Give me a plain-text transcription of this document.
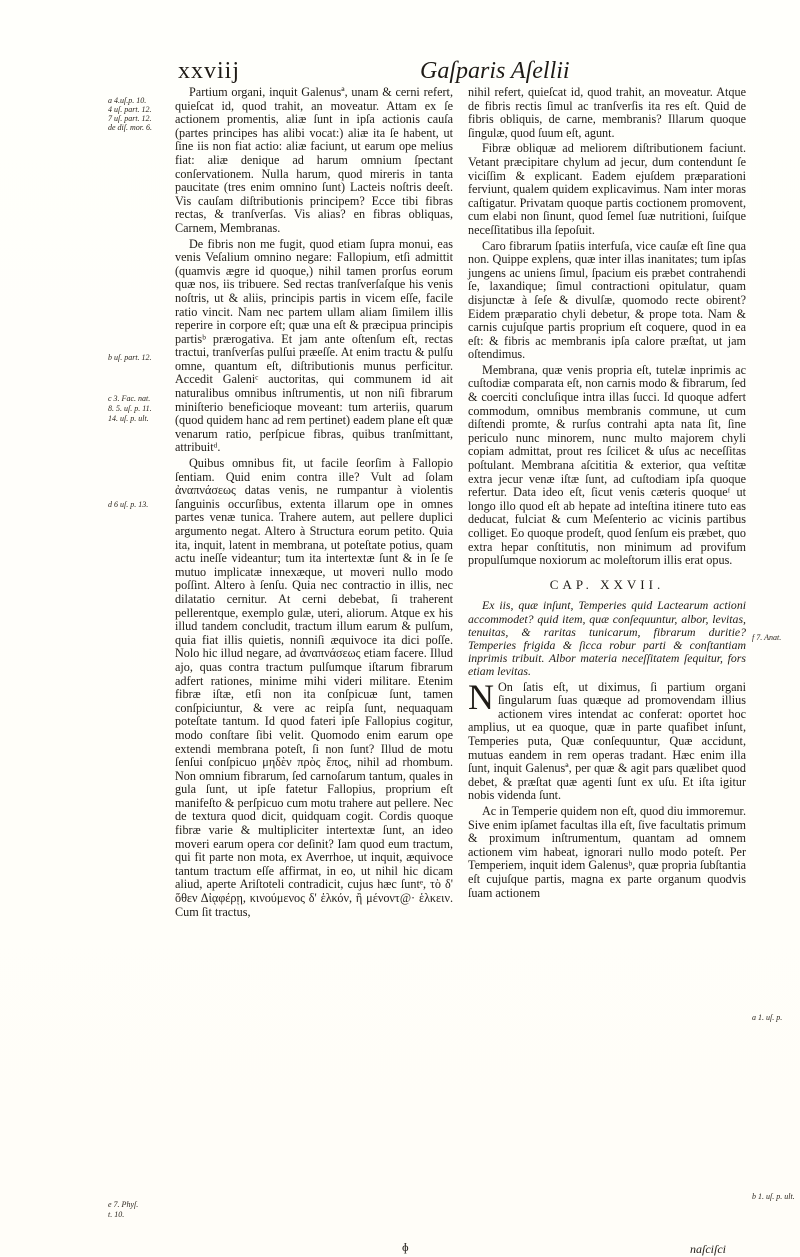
xxviij	Gaſparis Aſellii
a 4.uſ.p. 10.
4 uſ. part. 12.
7 uſ. part. 12.
de diſ. mor. 6.
b uſ. part. 12.
c 3. Fac. nat.
8. 5. uſ. p. 11.
14. uſ. p. ult.
d 6 uſ. p. 13.
e 7. Phyſ.
t. 10.
f 7. Anat.
a 1. uſ. p.
b 1. uſ. p. ult.

Partium organi, inquit Galenusª, unam & cerni refert, quieſcat id, quod trahit, an moveatur. Attam ex ſe actionem promentis, aliæ ſunt in ipſa actionis cauſa (partes principes has alibi vocat:) aliæ ita ſe habent, ut ſine iis non fiat actio: aliæ faciunt, ut earum ope melius fiat: aliæ denique ad harum omnium ſpectant conſervationem. Nulla harum, quod mireris in tanta paucitate (tres enim omnino ſunt) Lacteis noſtris deeſt. Vis cauſam diſtributionis principem? Ecce tibi fibras rectas, & tranſverſas. Vis alias? en fibras obliquas, Carnem, Membranas.

De fibris non me fugit, quod etiam ſupra monui, eas venis Veſalium omnino negare: Fallopium, etſi admittit (quamvis ægre id quoque,) nihil tamen prorſus eorum quæ nos, iis tribuere. Sed rectas tranſverſaſque his venis noſtris, ut & aliis, principis partis in vicem eſſe, facile ratio vincit. Nam nec partem ullam aliam ſimilem illis reperire in corpore eſt; quæ una eſt & præcipua principis partisᵇ prærogativa. Et jam ante oſtenſum eſt, rectas tractui, tranſverſas pulſui præeſſe. At enim tractu & pulſu omne, quantum eſt, diſtributionis munus perficitur. Accedit Galeniᶜ auctoritas, qui communem id ait naturalibus omnibus inſtrumentis, ut non niſi fibrarum miniſterio beneficioque moveant: tum arteriis, quarum (quod quidem hanc ad rem pertinet) eadem plane eſt quæ venarum ratio, perſpicue fibras, quibus tranſmittant, attribuitᵈ.

Quibus omnibus fit, ut facile ſeorſim à Fallopio ſentiam. Quid enim contra ille? Vult ad ſolam ἀναπνάσεως datas venis, ne rumpantur à violentis ſanguinis occurſibus, extenta illarum ope in omnes partes venæ tunica. Trahere autem, aut pellere duplici argumento negat. Altero à Structura eorum petito. Quia ita, inquit, latent in membrana, ut poteſtate potius, quam actu ineſſe videantur; tum ita intertextæ ſunt & in ſe ſe mutuo implicatæ innexæque, ut moveri nullo modo poſſint. Altero à ſenſu. Quia nec contractio in illis, nec dilatatio cernitur. At cerni debebat, ſi traherent pellerentque, exemplo gulæ, uteri, aliorum. Atque ex his illud tandem concludit, tractum illum earum & pulſum, quia fiat illis quietis, nonniſi æquivoce ita dici poſſe. Nolo hic illud negare, ad ἀναπνάσεως etiam facere. Illud ajo, quas contra tractum pulſumque iſtarum fibrarum adfert rationes, minime mihi videri militare. Etenim fibræ iſtæ, etſi non ita conſpicuæ ſunt, tamen conſpiciuntur, & vere ac reipſa ſunt, nequaquam poteſtate tantum. Id quod fateri ipſe Fallopius cogitur, modo conſtare ſibi velit. Quomodo enim earum ope extendi membrana poteſt, ſi non ſunt? Illud de motu ſenſui conſpicuo μηδὲν πρὸς ἔπος, nihil ad rhombum. Non omnium fibrarum, ſed carnoſarum tantum, quales in gula ſunt, ut ipſe fatetur Fallopius, proprium eſt manifeſto & perſpicuo cum motu trahere aut pellere. Nec de textura quod dicit, quidquam cogit. Cordis quoque fibræ varie & multipliciter intertextæ ſunt, an ideo moveri earum opera cor deſinit? Iam quod eum tractum, qui fit parte non mota, ex Averrhoe, ut inquit, æquivoce tantum tractum eſſe affirmat, in eo, ut nihil hic dicam aliud, aperte Ariſtoteli contradicit, cujus hæc ſuntᵉ, τὸ δ' ὅθεν Δἰᾳφέρῃ, κινούμενος δ' ἑλκόν, ἢ μένοντ@· ἑλκειν. Cum ſit tractus,

nihil refert, quieſcat id, quod trahit, an moveatur. Atque de fibris rectis ſimul ac tranſverſis ita res eſt. Quid de fibris obliquis, de carne, membranis? Illarum quoque ſingulæ, quod ſuum eſt, agunt.

Fibræ obliquæ ad meliorem diſtributionem faciunt. Vetant præcipitare chylum ad jecur, dum contendunt ſe viciſſim & explicant. Eadem ejuſdem præparationi ferviunt, qualem quidem explicavimus. Nam inter moras caſtigatur. Privatam quoque partis coctionem promovent, cum elabi non ſinunt, quod ſemel ſuæ nutritioni, ſuiſque neceſſitatibus illa ſepoſuit.

Caro fibrarum ſpatiis interfuſa, vice cauſæ eſt ſine qua non. Quippe explens, quæ inter illas inanitates; tum ipſas jungens ac uniens ſimul, ſpacium eis præbet contrahendi ſe, laxandique; ſimul contractioni opitulatur, quam disjunctæ à ſeſe & divulſæ, quomodo recte obirent? Eidem præparatio chyli debetur, & prope tota. Nam & carnis cujuſque partis proprium eſt coquere, quod in ea eſt: & fibris ac membranis ipſa calore præſtat, ut jam oſtendimus.

Membrana, quæ venis propria eſt, tutelæ inprimis ac cuſtodiæ comparata eſt, non carnis modo & fibrarum, ſed & coerciti concluſique intra illas ſucci. Id quoque adfert commodum, omnibus membranis commune, ut cum diſtendi promte, & rurſus contrahi apta nata ſit, ſine periculo nunc minorem, nunc multo majorem chyli copiam admittat, prout res ſcilicet & uſus ac neceſſitas poſtulant. Membrana aſcititia & exterior, qua veſtitæ extra jecur venæ iſtæ ſunt, ad cuſtodiam ipſa quoque refertur. Data ideo eſt, ſicut venis cæteris quoqueᶠ ut longo illo quod eſt ab hepate ad inteſtina itinere tuto eas deducat, fulciat & cum Meſenterio ac vicinis partibus colliget. Eo quoque prodeſt, quod ſenſum eis præbet, quo extra hepar conſtitutis, non minimum ad provifum propulſumque noxiorum ac moleſtorum illis erat opus.

CAP. XXVII.

Ex iis, quæ inſunt, Temperies quid Lactearum actioni accommodet? quid item, quæ conſequuntur, albor, levitas, tenuitas, & raritas tunicarum, fibrarum duritie? Temperies frigida & ſicca robur parti & conſtantiam inprimis tribuit. Albor materia neceſſitatem ſequitur, fors etiam levitas.

N On ſatis eſt, ut diximus, ſi partium organi ſingularum ſuas quæque ad promovendam illius actionem vires intendat ac conferat: oportet hoc amplius, ut ea quoque, quæ in parte quafibet inſunt, Temperies puta, Quæ conſequuntur, Quæ accidunt, mutuas eandem in rem operas tradant. Hæc enim illa ſunt, inquit Galenusª, per quæ & agit pars quælibet quod debet, & præſtat quæ agenti ſunt ex uſu. Et iſta igitur nobis videnda ſunt.

Ac in Temperie quidem non eſt, quod diu immoremur. Sive enim ipſamet facultas illa eſt, ſive facultatis primum & proximum inſtrumentum, quantam ad omnem actionem vim habeat, ignorari nullo modo poteſt. Per Temperiem, inquit idem Galenusᵇ, quæ propria ſubſtantia eſt cujuſque partis, magna ex parte organum quodvis ſuam actionem

ɸ	naſciſci
